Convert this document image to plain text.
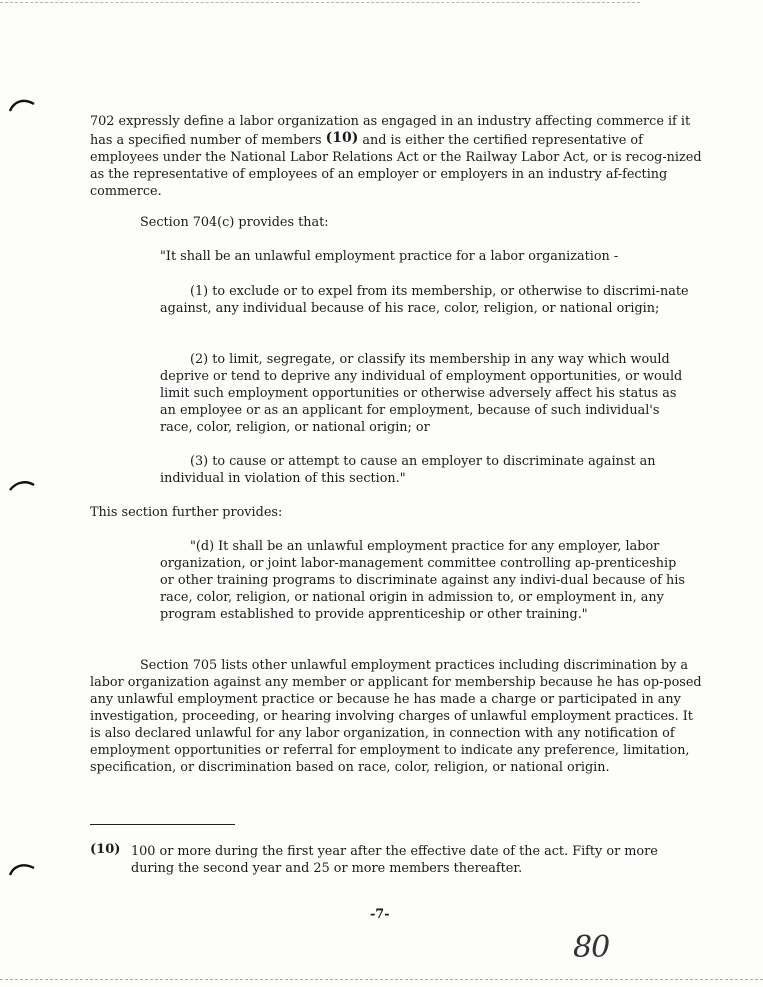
702 expressly define a labor organization as engaged in an industry affecting commerce if it has a specified number of members (10) and is either the certified representative of employees under the National Labor Relations Act or the Railway Labor Act, or is recog-nized as the representative of employees of an employer or employers in an industry af-fecting commerce.

Section 704(c) provides that:

"It shall be an unlawful employment practice for a labor organization -

(1) to exclude or to expel from its membership, or otherwise to discrimi-nate against, any individual because of his race, color, religion, or national origin;

(2) to limit, segregate, or classify its membership in any way which would deprive or tend to deprive any individual of employment opportunities, or would limit such employment opportunities or otherwise adversely affect his status as an employee or as an applicant for employment, because of such individual's race, color, religion, or national origin; or

(3) to cause or attempt to cause an employer to discriminate against an individual in violation of this section."

This section further provides:

"(d) It shall be an unlawful employment practice for any employer, labor organization, or joint labor-management committee controlling ap-prenticeship or other training programs to discriminate against any indivi-dual because of his race, color, religion, or national origin in admission to, or employment in, any program established to provide apprenticeship or other training."

Section 705 lists other unlawful employment practices including discrimination by a labor organization against any member or applicant for membership because he has op-posed any unlawful employment practice or because he has made a charge or participated in any investigation, proceeding, or hearing involving charges of unlawful employment practices. It is also declared unlawful for any labor organization, in connection with any notification of employment opportunities or referral for employment to indicate any preference, limitation, specification, or discrimination based on race, color, religion, or national origin.

(10) 100 or more during the first year after the effective date of the act. Fifty or more during the second year and 25 or more members thereafter.
-7-
80
